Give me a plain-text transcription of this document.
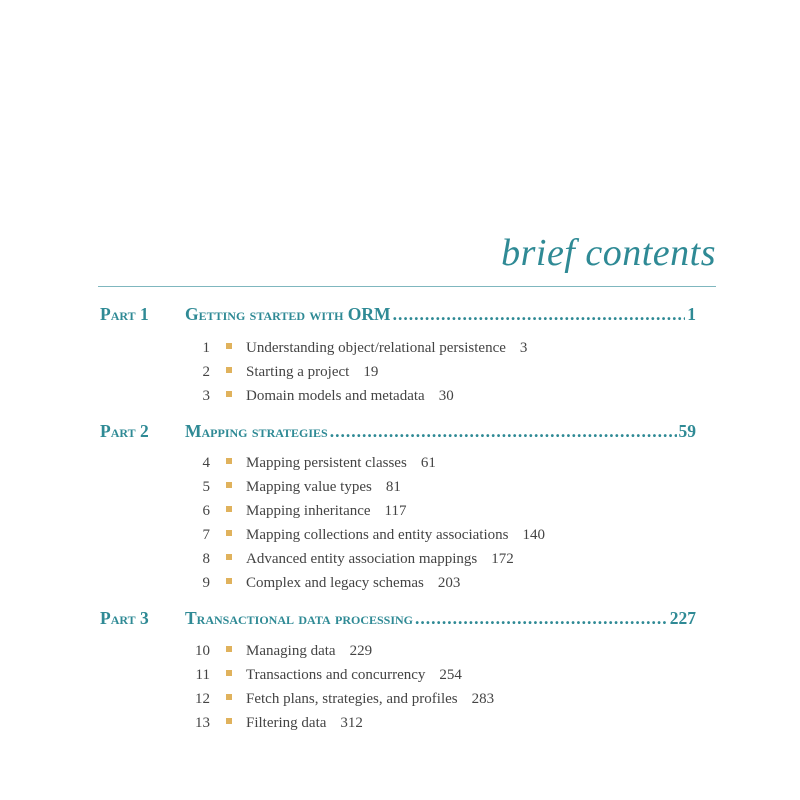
brief contents
Part 1	Getting started with ORM .....	1
1 Understanding object/relational persistence 3
2 Starting a project 19
3 Domain models and metadata 30
Part 2	Mapping strategies .....	59
4 Mapping persistent classes 61
5 Mapping value types 81
6 Mapping inheritance 117
7 Mapping collections and entity associations 140
8 Advanced entity association mappings 172
9 Complex and legacy schemas 203
Part 3	Transactional data processing .....	227
10 Managing data 229
11 Transactions and concurrency 254
12 Fetch plans, strategies, and profiles 283
13 Filtering data 312
